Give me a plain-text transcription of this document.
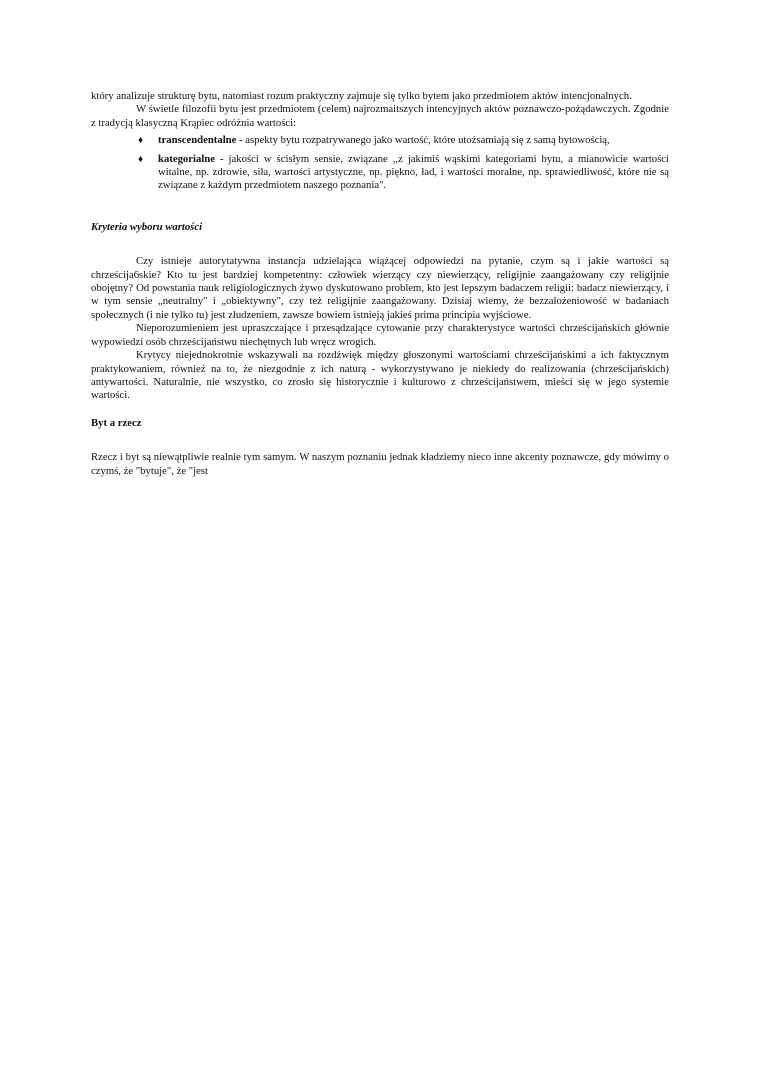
który analizuje strukturę bytu, natomiast rozum praktyczny zajmuje się tylko bytem jako przedmiotem aktów intencjonalnych.

W świetle filozofii bytu jest przedmiotem (celem) najrozmaitszych intencyjnych aktów poznawczo-pożądawczych. Zgodnie z tradycją klasyczną Krąpiec odróżnia wartości:

♦ transcendentalne - aspekty bytu rozpatrywanego jako wartość, które utożsamiają się z samą bytowością,
♦ kategorialne - jakości w ścisłym sensie, związane ,,z jakimiś wąskimi kategoriami bytu, a mianowicie wartości witalne, np. zdrowie, siła, wartości artystyczne, np. piękno, ład, i wartości moralne, np. sprawiedliwość, które nie są związane z każdym przedmiotem naszego poznania".

Kryteria wyboru wartości

Czy istnieje autorytatywna instancja udzielająca wiążącej odpowiedzi na pytanie, czym są i jakie wartości są chrześcija6skie? Kto tu jest bardziej kompetentny: człowiek wierzący czy niewierzący, religijnie zaangażowany czy religijnie obojętny? Od powstania nauk religiologicznych żywo dyskutowano problem, kto jest lepszym badaczem religii: badacz niewierzący, i w tym sensie „neutralny" i „obiektywny", czy też religijnie zaangażowany. Dzisiaj wiemy, że bezzałożeniowość w badaniach społecznych (i nie tylko tu) jest złudzeniem, zawsze bowiem istnieją jakieś prima principia wyjściowe.

Nieporozumieniem jest upraszczające i przesądzające cytowanie przy charakterystyce wartości chrześcijańskich głównie wypowiedzi osób chrześcijaństwu niechętnych lub wręcz wrogich.

Krytycy niejednokrotnie wskazywali na rozdźwięk między głoszonymi wartościami chrześcijańskimi a ich faktycznym praktykowaniem, również na to, że niezgodnie z ich naturą - wykorzystywano je niekiedy do realizowania (chrześcijańskich) antywartości. Naturalnie, nie wszystko, co zrosło się historycznie i kulturowo z chrześcijaństwem, mieści się w jego systemie wartości.

Byt a rzecz

Rzecz i byt są niewątpliwie realnie tym samym. W naszym poznaniu jednak kładziemy nieco inne akcenty poznawcze, gdy mówimy o czymś, że "bytuje", że "jest
